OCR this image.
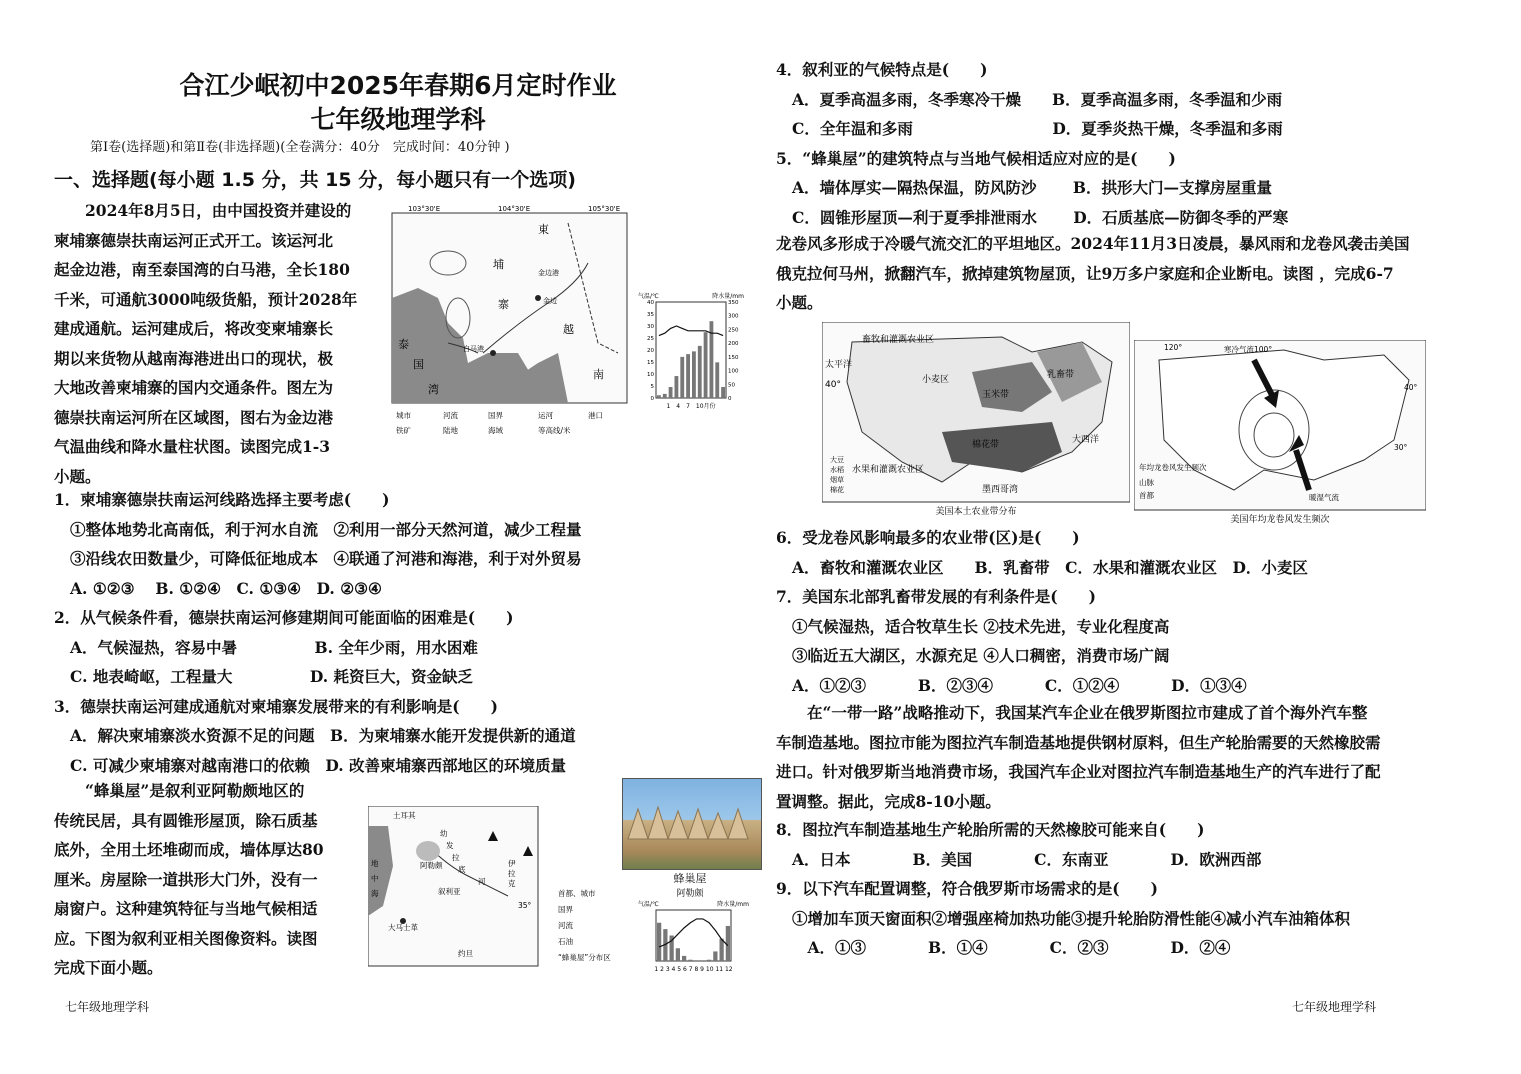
合江少岷初中2025年春期6月定时作业
七年级地理学科
第Ⅰ卷(选择题)和第Ⅱ卷(非选择题)(全卷满分：40分　完成时间：40分钟 )
一、选择题(每小题 1.5 分，共 15 分，每小题只有一个选项)
　　2024年8月5日，由中国投资并建设的
柬埔寨德崇扶南运河正式开工。该运河北
起金边港，南至泰国湾的白马港，全长180
千米，可通航3000吨级货船，预计2028年
建成通航。运河建成后，将改变柬埔寨长
期以来货物从越南海港进出口的现状，极
大地改善柬埔寨的国内交通条件。图左为
德崇扶南运河所在区域图，图右为金边港
气温曲线和降水量柱状图。读图完成1-3
小题。
103°30'E	104°30'E	105°30'E
東
埔
寨
金边港
金边
白马港
越
南
泰
国
湾
城市	河流	国界	运河	港口
铁矿	陆地	海域	等高线/米
气温/℃	降水量/mm
1　4　7　10月份
40
35
30
25
20
15
10
5
0
350
300
250
200
150
100
50
0
1．柬埔寨德崇扶南运河线路选择主要考虑(　　)
①整体地势北高南低，利于河水自流　②利用一部分天然河道，减少工程量
③沿线农田数量少，可降低征地成本　④联通了河港和海港，利于对外贸易
A. ①②③　 B. ①②④　C. ①③④　D. ②③④
2．从气候条件看，德崇扶南运河修建期间可能面临的困难是(　　)
A．气候湿热，容易中暑　　　　　B. 全年少雨，用水困难
C. 地表崎岖，工程量大　　　　　D. 耗资巨大，资金缺乏
3．德崇扶南运河建成通航对柬埔寨发展带来的有利影响是(　　)
A．解决柬埔寨淡水资源不足的问题　B．为柬埔寨水能开发提供新的通道
C. 可减少柬埔寨对越南港口的依赖　D. 改善柬埔寨西部地区的环境质量
　　“蜂巢屋”是叙利亚阿勒颇地区的
传统民居，具有圆锥形屋顶，除石质基
底外，全用土坯堆砌而成，墙体厚达80
厘米。房屋除一道拱形大门外，没有一
扇窗户。这种建筑特征与当地气候相适
应。下图为叙利亚相关图像资料。读图
完成下面小题。
土耳其
地
中
海
阿勒颇
幼
发
拉
底
河
伊
拉
克
叙利亚
大马士革
约旦
35°
首都、城市
国界
河流
石油
“蜂巢屋”分布区
蜂巢屋
阿勒颇
气温/℃	降水量/mm
1 2 3 4 5 6 7 8 9 10 11 12
4．叙利亚的气候特点是(　　)
A．夏季高温多雨，冬季寒冷干燥　　B．夏季高温多雨，冬季温和少雨
C．全年温和多雨　　　　　　　　　D．夏季炎热干燥，冬季温和多雨
5．“蜂巢屋”的建筑特点与当地气候相适应对应的是(　　)
A．墙体厚实—隔热保温，防风防沙　　 B．拱形大门—支撑房屋重量
C．圆锥形屋顶—利于夏季排泄雨水　　 D．石质基底—防御冬季的严寒
龙卷风多形成于冷暖气流交汇的平坦地区。2024年11月3日凌晨，暴风雨和龙卷风袭击美国
俄克拉何马州，掀翻汽车，掀掉建筑物屋顶，让9万多户家庭和企业断电。读图 ，完成6-7
小题。
太平洋
40°
畜牧和灌溉农业区
大西洋
墨西哥湾
玉米带
乳畜带
棉花带
小麦区
水果和灌溉农业区
大豆
水稻
烟草
棉花
美国本土农业带分布
120°	100°
寒冷气流
40°
30°
暖湿气流
年均龙卷风发生频次
山脉
首都
美国年均龙卷风发生频次
6．受龙卷风影响最多的农业带(区)是(　　)
A．畜牧和灌溉农业区　　B．乳畜带　C．水果和灌溉农业区　D．小麦区
7．美国东北部乳畜带发展的有利条件是(　　)
①气候湿热，适合牧草生长 ②技术先进，专业化程度高
③临近五大湖区，水源充足 ④人口稠密，消费市场广阔
A．①②③　　　 B．②③④　　　 C．①②④　　　 D．①③④
　　在“一带一路”战略推动下，我国某汽车企业在俄罗斯图拉市建成了首个海外汽车整
车制造基地。图拉市能为图拉汽车制造基地提供钢材原料，但生产轮胎需要的天然橡胶需
进口。针对俄罗斯当地消费市场，我国汽车企业对图拉汽车制造基地生产的汽车进行了配
置调整。据此，完成8-10小题。
8．图拉汽车制造基地生产轮胎所需的天然橡胶可能来自(　　)
A．日本　　　　B．美国　　　　C．东南亚　　　　D．欧洲西部
9．以下汽车配置调整，符合俄罗斯市场需求的是(　　)
①增加车顶天窗面积②增强座椅加热功能③提升轮胎防滑性能④减小汽车油箱体积
　A．①③　　　　B．①④　　　　C．②③　　　　D．②④
七年级地理学科	七年级地理学科
